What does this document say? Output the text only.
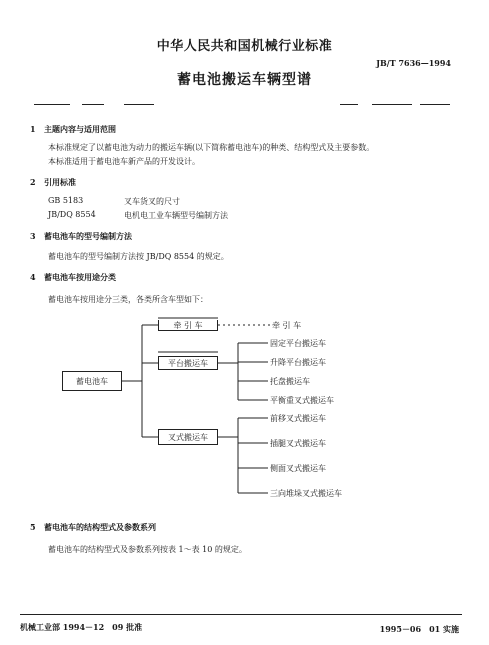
中华人民共和国机械行业标准
JB/T 7636—1994
蓄电池搬运车辆型谱
1 主题内容与适用范围
本标准规定了以蓄电池为动力的搬运车辆(以下简称蓄电池车)的种类、结构型式及主要参数。
本标准适用于蓄电池车新产品的开发设计。
2 引用标准
GB 5183	叉车货叉的尺寸
JB/DQ 8554	电机电工业车辆型号编制方法
3 蓄电池车的型号编制方法
蓄电池车的型号编制方法按 JB/DQ 8554 的规定。
4 蓄电池车按用途分类
蓄电池车按用途分三类，各类所含车型如下：
蓄电池车
牵 引 车
平台搬运车
叉式搬运车
牵 引 车
固定平台搬运车
升降平台搬运车
托盘搬运车
平衡重叉式搬运车
前移叉式搬运车
插腿叉式搬运车
侧面叉式搬运车
三向堆垛叉式搬运车
5 蓄电池车的结构型式及参数系列
蓄电池车的结构型式及参数系列按表 1～表 10 的规定。
机械工业部 1994－12　09 批准	1995－06　01 实施
